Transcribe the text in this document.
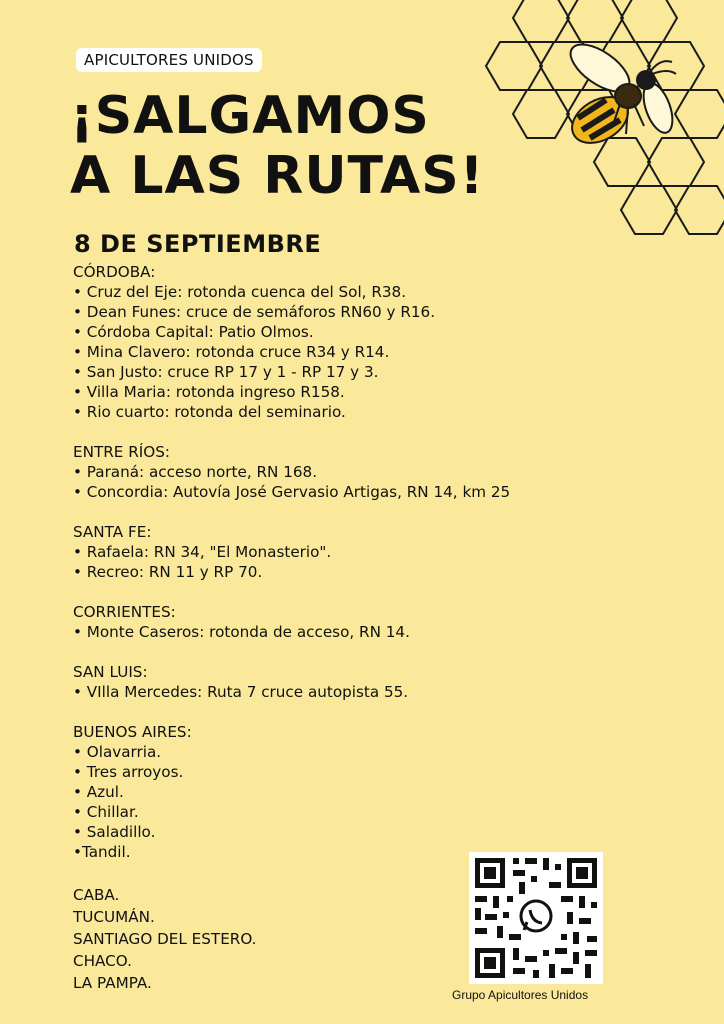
APICULTORES UNIDOS
¡SALGAMOS
A LAS RUTAS!
8 DE SEPTIEMBRE
CÓRDOBA:
• Cruz del Eje: rotonda cuenca del Sol, R38.
• Dean Funes: cruce de semáforos RN60 y R16.
• Córdoba Capital: Patio Olmos.
• Mina Clavero: rotonda cruce R34 y R14.
• San Justo: cruce RP 17 y 1 - RP 17 y 3.
• Villa Maria: rotonda ingreso R158.
• Rio cuarto: rotonda del seminario.
ENTRE RÍOS:
• Paraná: acceso norte, RN 168.
• Concordia: Autovía José Gervasio Artigas, RN 14, km 25
SANTA FE:
• Rafaela: RN 34, "El Monasterio".
• Recreo: RN 11 y RP 70.
CORRIENTES:
• Monte Caseros: rotonda de acceso, RN 14.
SAN LUIS:
• VIlla Mercedes: Ruta 7 cruce autopista 55.
BUENOS AIRES:
• Olavarria.
• Tres arroyos.
• Azul.
• Chillar.
• Saladillo.
•Tandil.
CABA.
TUCUMÁN.
SANTIAGO DEL ESTERO.
CHACO.
LA PAMPA.
Grupo Apicultores Unidos
